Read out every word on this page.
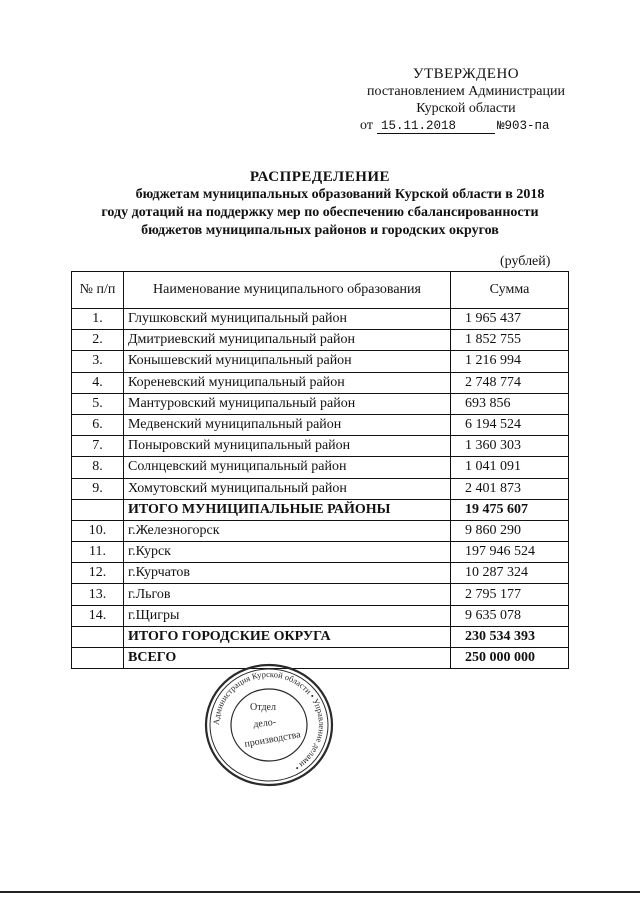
УТВЕРЖДЕНО
постановлением Администрации
Курской области
от 15.11.2018	№903-па
РАСПРЕДЕЛЕНИЕ
бюджетам муниципальных образований Курской области в 2018
году дотаций на поддержку мер по обеспечению сбалансированности
бюджетов муниципальных районов и городских округов
(рублей)
№ п/п	Наименование муниципального образования	Сумма
1.	Глушковский муниципальный район	1 965 437
2.	Дмитриевский муниципальный район	1 852 755
3.	Конышевский муниципальный район	1 216 994
4.	Кореневский муниципальный район	2 748 774
5.	Мантуровский муниципальный район	693 856
6.	Медвенский муниципальный район	6 194 524
7.	Поныровский муниципальный район	1 360 303
8.	Солнцевский муниципальный район	1 041 091
9.	Хомутовский муниципальный район	2 401 873
	ИТОГО МУНИЦИПАЛЬНЫЕ РАЙОНЫ	19 475 607
10.	г.Железногорск	9 860 290
11.	г.Курск	197 946 524
12.	г.Курчатов	10 287 324
13.	г.Льгов	2 795 177
14.	г.Щигры	9 635 078
	ИТОГО ГОРОДСКИЕ ОКРУГА	230 534 393
	ВСЕГО	250 000 000
Администрация Курской области • Управление делами •
Отдел
дело-
производства
